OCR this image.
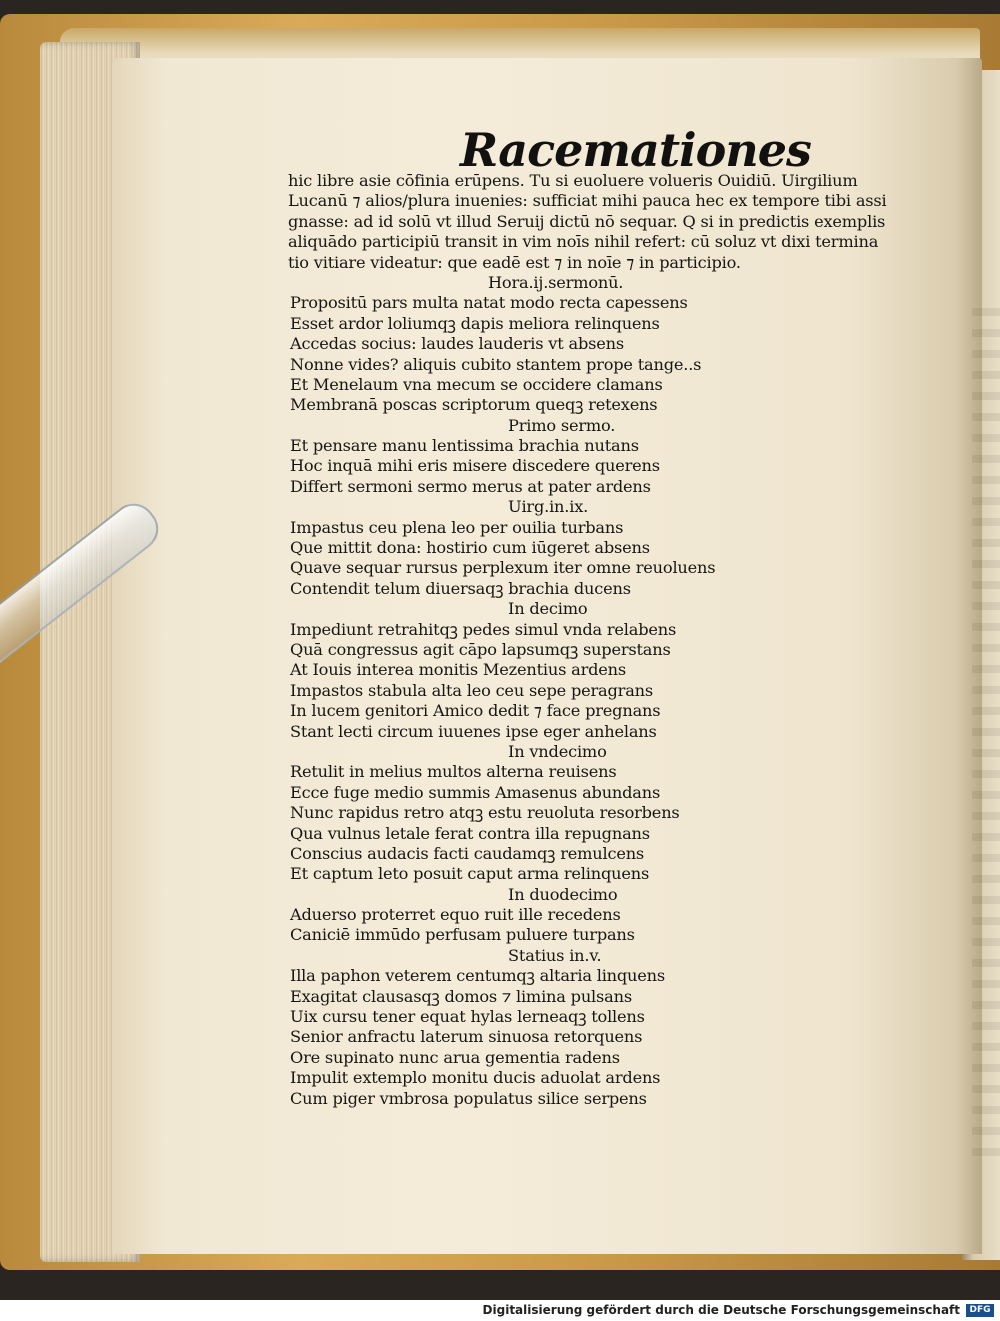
Racemationes
hic libre asie cōfinia erūpens. Tu si euoluere volueris Ouidiū. Uirgilium
Lucanū ⁊ alios/plura inuenies: sufficiat mihi pauca hec ex tempore tibi assi
gnasse: ad id solū vt illud Seruij dictū nō sequar. Q si in predictis exemplis
aliquādo participiū transit in vim noīs nihil refert: cū soluz vt dixi termina
tio vitiare videatur: que eadē est ⁊ in noīe ⁊ in participio.
Hora.ij.sermonū.
Propositū pars multa natat modo recta capessens
Esset ardor loliumqꝫ dapis meliora relinquens
Accedas socius: laudes lauderis vt absens
Nonne vides? aliquis cubito stantem prope tange..s
Et Menelaum vna mecum se occidere clamans
Membranā poscas scriptorum queqꝫ retexens
Primo sermo.
Et pensare manu lentissima brachia nutans
Hoc inquā mihi eris misere discedere querens
Differt sermoni sermo merus at pater ardens
Uirg.in.ix.
Impastus ceu plena leo per ouilia turbans
Que mittit dona: hostirio cum iūgeret absens
Quave sequar rursus perplexum iter omne reuoluens
Contendit telum diuersaqꝫ brachia ducens
In decimo
Impediunt retrahitqꝫ pedes simul vnda relabens
Quā congressus agit cāpo lapsumqꝫ superstans
At Iouis interea monitis Mezentius ardens
Impastos stabula alta leo ceu sepe peragrans
In lucem genitori Amico dedit ⁊ face pregnans
Stant lecti circum iuuenes ipse eger anhelans
In vndecimo
Retulit in melius multos alterna reuisens
Ecce fuge medio summis Amasenus abundans
Nunc rapidus retro atqꝫ estu reuoluta resorbens
Qua vulnus letale ferat contra illa repugnans
Conscius audacis facti caudamqꝫ remulcens
Et captum leto posuit caput arma relinquens
In duodecimo
Aduerso proterret equo ruit ille recedens
Caniciē immūdo perfusam puluere turpans
Statius in.v.
Illa paphon veterem centumqꝫ altaria linquens
Exagitat clausasqꝫ domos ⁊ limina pulsans
Uix cursu tener equat hylas lerneaqꝫ tollens
Senior anfractu laterum sinuosa retorquens
Ore supinato nunc arua gementia radens
Impulit extemplo monitu ducis aduolat ardens
Cum piger vmbrosa populatus silice serpens
Digitalisierung gefördert durch die Deutsche Forschungsgemeinschaft	DFG
